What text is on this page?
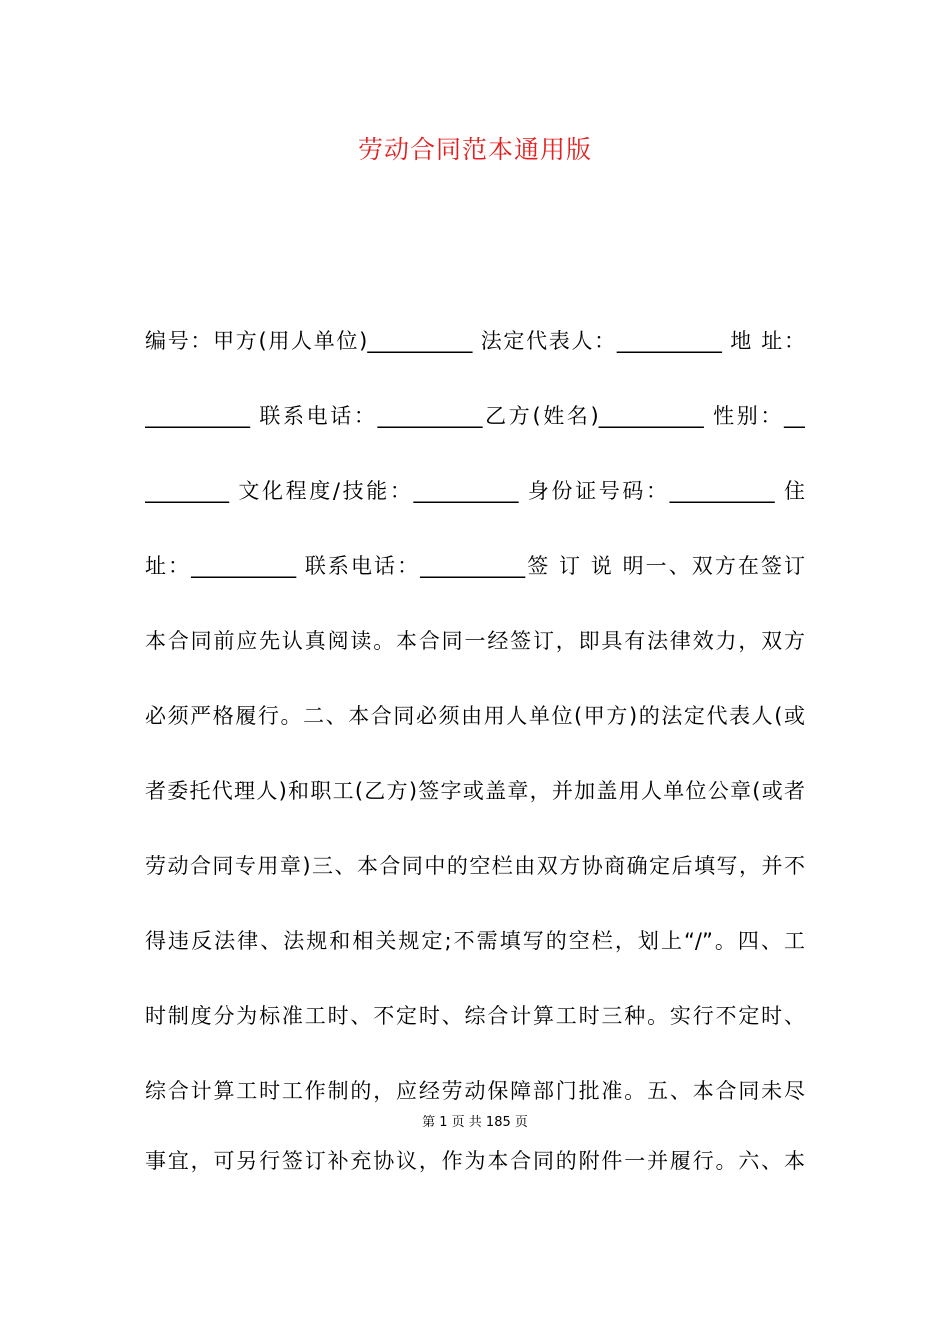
劳动合同范本通用版
编号：甲方(用人单位)__________ 法定代表人：__________ 地 址：
__________ 联系电话：__________乙方(姓名)__________ 性别：__
________ 文化程度/技能：__________ 身份证号码：__________ 住
址：__________ 联系电话：__________签 订 说 明一、双方在签订
本合同前应先认真阅读。本合同一经签订，即具有法律效力，双方
必须严格履行。二、本合同必须由用人单位(甲方)的法定代表人(或
者委托代理人)和职工(乙方)签字或盖章，并加盖用人单位公章(或者
劳动合同专用章)三、本合同中的空栏由双方协商确定后填写，并不
得违反法律、法规和相关规定;不需填写的空栏，划上“/”。四、工
时制度分为标准工时、不定时、综合计算工时三种。实行不定时、
综合计算工时工作制的，应经劳动保障部门批准。五、本合同未尽
第 1 页 共 185 页
事宜，可另行签订补充协议，作为本合同的附件一并履行。六、本
